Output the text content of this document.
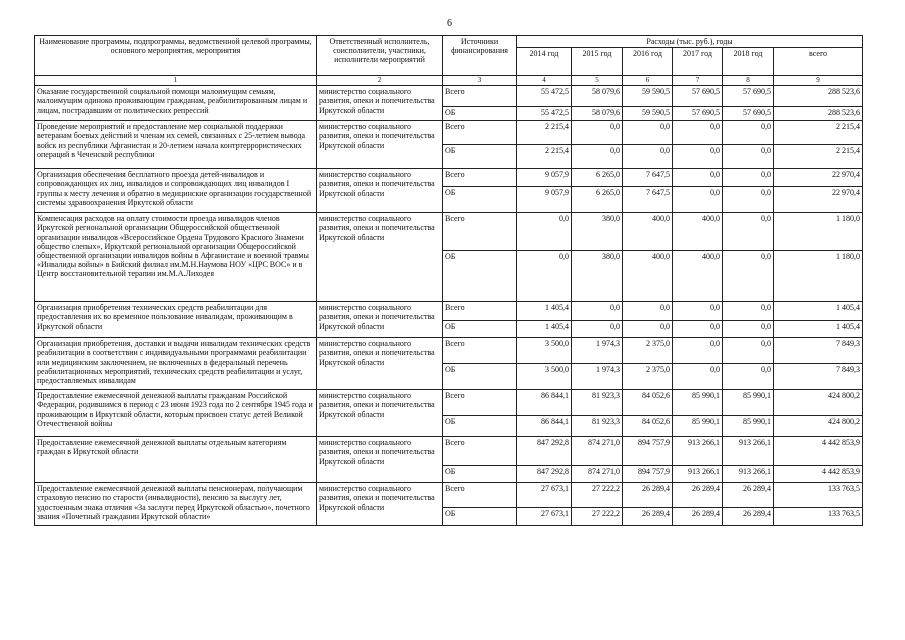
6
Наименование программы, подпрограммы, ведомственной целевой программы, основного мероприятия, мероприятия	Ответственный исполнитель, соисполнители, участники, исполнители мероприятий	Источники финансирования	Расходы (тыс. руб.), годы					
			2014 год	2015 год	2016 год	2017 год	2018 год	всего
1	2	3	4	5	6	7	8	9
Оказание государственной социальной помощи малоимущим семьям, малоимущим одиноко проживающим гражданам, реабилитированным лицам и лицам, пострадавшим от политических репрессий	министерство социального развития, опеки и попечительства Иркутской области	Всего	55 472,5	58 079,6	59 590,5	57 690,5	57 690,5	288 523,6
		ОБ	55 472,5	58 079,6	59 590,5	57 690,5	57 690,5	288 523,6
Проведение мероприятий и предоставление мер социальной поддержки ветеранам боевых действий и членам их семей, связанных с 25-летием вывода войск из республики Афганистан и 20-летием начала контртеррористических операций в Чеченской республики	министерство социального развития, опеки и попечительства Иркутской области	Всего	2 215,4	0,0	0,0	0,0	0,0	2 215,4
		ОБ	2 215,4	0,0	0,0	0,0	0,0	2 215,4
Организация обеспечения бесплатного проезда детей-инвалидов и сопровождающих их лиц, инвалидов и сопровождающих лиц инвалидов I группы к месту лечения и обратно в медицинские организации государственной системы здравоохранения Иркутской области	министерство социального развития, опеки и попечительства Иркутской области	Всего	9 057,9	6 265,0	7 647,5	0,0	0,0	22 970,4
		ОБ	9 057,9	6 265,0	7 647,5	0,0	0,0	22 970,4
Компенсация расходов на оплату стоимости проезда инвалидов членов Иркутской региональной организации Общероссийской общественной организации инвалидов «Всероссийское Ордена Трудового Красного Знамени общество слепых», Иркутской региональной организации Общероссийской общественной организации инвалидов войны в Афганистане и военной травмы «Инвалиды войны» в Бийский филиал им.М.Н.Наумова НОУ «ЦРС ВОС» и в Центр восстановительной терапии им.М.А.Лиходея	министерство социального развития, опеки и попечительства Иркутской области	Всего	0,0	380,0	400,0	400,0	0,0	1 180,0
		ОБ	0,0	380,0	400,0	400,0	0,0	1 180,0
Организация приобретения технических средств реабилитации для предоставления их во временное пользование инвалидам, проживающим в Иркутской области	министерство социального развития, опеки и попечительства Иркутской области	Всего	1 405,4	0,0	0,0	0,0	0,0	1 405,4
		ОБ	1 405,4	0,0	0,0	0,0	0,0	1 405,4
Организация приобретения, доставки и выдачи инвалидам технических средств реабилитации в соответствии с индивидуальными программами реабилитации или медицинским заключением, не включенных в федеральный перечень реабилитационных мероприятий, технических средств реабилитации и услуг, предоставляемых инвалидам	министерство социального развития, опеки и попечительства Иркутской области	Всего	3 500,0	1 974,3	2 375,0	0,0	0,0	7 849,3
		ОБ	3 500,0	1 974,3	2 375,0	0,0	0,0	7 849,3
Предоставление ежемесячной денежной выплаты гражданам Российской Федерации, родившимся в период с 23 июня 1923 года по 2 сентября 1945 года и проживающим в Иркутской области, которым присвоен статус детей Великой Отечественной войны	министерство социального развития, опеки и попечительства Иркутской области	Всего	86 844,1	81 923,3	84 052,6	85 990,1	85 990,1	424 800,2
		ОБ	86 844,1	81 923,3	84 052,6	85 990,1	85 990,1	424 800,2
Предоставление ежемесячной денежной выплаты отдельным категориям граждан в Иркутской области	министерство социального развития, опеки и попечительства Иркутской области	Всего	847 292,8	874 271,0	894 757,9	913 266,1	913 266,1	4 442 853,9
		ОБ	847 292,8	874 271,0	894 757,9	913 266,1	913 266,1	4 442 853,9
Предоставление ежемесячной денежной выплаты пенсионерам, получающим страховую пенсию по старости (инвалидности), пенсию за выслугу лет, удостоенным знака отличия «За заслуги перед Иркутской областью», почетного звания «Почетный гражданин Иркутской области»	министерство социального развития, опеки и попечительства Иркутской области	Всего	27 673,1	27 222,2	26 289,4	26 289,4	26 289,4	133 763,5
		ОБ	27 673,1	27 222,2	26 289,4	26 289,4	26 289,4	133 763,5
